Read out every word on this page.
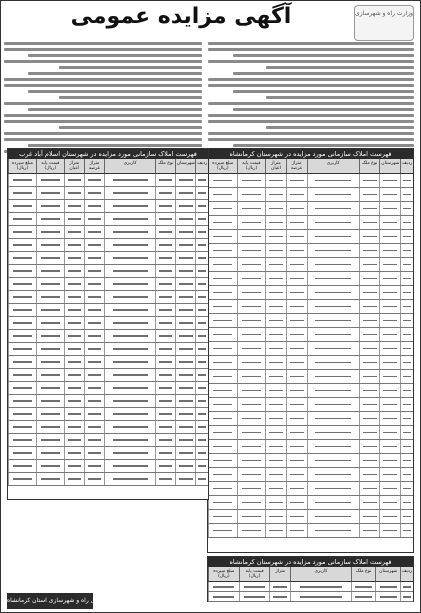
آگهی مزایده عمومی	وزارت راه و شهرسازی
فهرست املاک سازمانی مورد مزایده در شهرستان کرمانشاه
ردیف
شهرستان
نوع ملک
کاربری
متراژ عرصه
متراژ اعیان
قیمت پایه (ریال)
مبلغ سپرده (ریال)
فهرست املاک سازمانی مورد مزایده در شهرستان اسلام آباد غرب
ردیف
شهرستان
نوع ملک
کاربری
متراژ عرصه
متراژ اعیان
قیمت پایه (ریال)
مبلغ سپرده (ریال)
فهرست املاک سازمانی مورد مزایده در شهرستان کرمانشاه
ردیف
شهرستان
نوع ملک
کاربری
متراژ
قیمت پایه (ریال)
مبلغ سپرده (ریال)
اداره کل راه و شهرسازی استان کرمانشاه
